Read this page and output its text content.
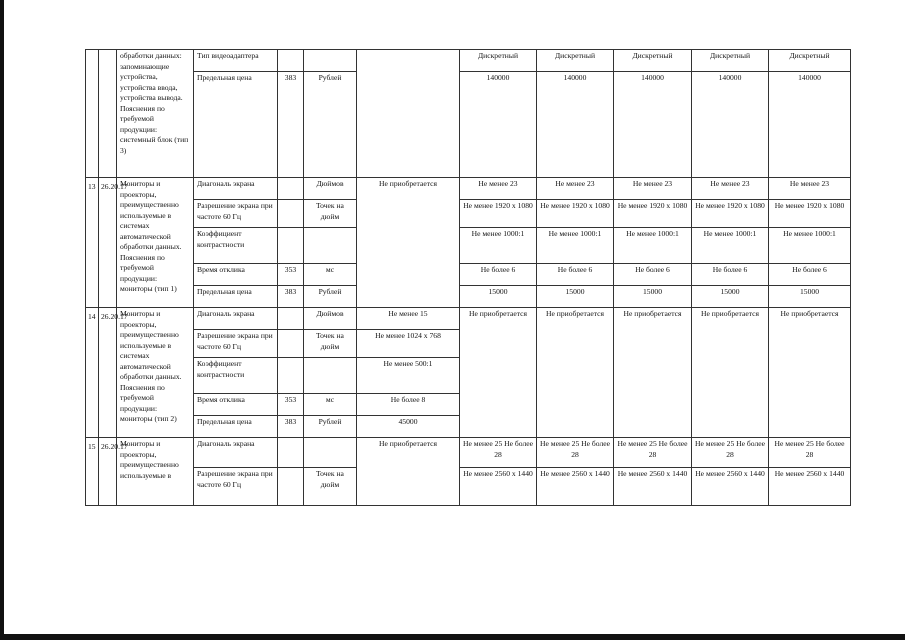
		обработки данных: запоминающие устройства, устройства ввода, устройства вывода. Пояснения по требуемой продукции: системный блок (тип 3)	Тип видеоадаптера				Дискретный	Дискретный	Дискретный	Дискретный	Дискретный
			Предельная цена	383	Рублей		140000	140000	140000	140000	140000
13	26.20.17	Мониторы и проекторы, преимущественно используемые в системах автоматической обработки данных. Пояснения по требуемой продукции: мониторы (тип 1)	Диагональ экрана		Дюймов	Не приобретается	Не менее 23	Не менее 23	Не менее 23	Не менее 23	Не менее 23
			Разрешение экрана при частоте 60 Гц		Точек на дюйм		Не менее 1920 x 1080	Не менее 1920 x 1080	Не менее 1920 x 1080	Не менее 1920 x 1080	Не менее 1920 x 1080
			Коэффициент контрастности				Не менее 1000:1	Не менее 1000:1	Не менее 1000:1	Не менее 1000:1	Не менее 1000:1
			Время отклика	353	мс		Не более 6	Не более 6	Не более 6	Не более 6	Не более 6
			Предельная цена	383	Рублей		15000	15000	15000	15000	15000
14	26.20.17	Мониторы и проекторы, преимущественно используемые в системах автоматической обработки данных. Пояснения по требуемой продукции: мониторы (тип 2)	Диагональ экрана		Дюймов	Не менее 15	Не приобретается	Не приобретается	Не приобретается	Не приобретается	Не приобретается
			Разрешение экрана при частоте 60 Гц		Точек на дюйм	Не менее 1024 x 768					
			Коэффициент контрастности			Не менее 500:1					
			Время отклика	353	мс	Не более 8					
			Предельная цена	383	Рублей	45000					
15	26.20.17	Мониторы и проекторы, преимущественно используемые в	Диагональ экрана			Не приобретается	Не менее 25 Не более 28	Не менее 25 Не более 28	Не менее 25 Не более 28	Не менее 25 Не более 28	Не менее 25 Не более 28
			Разрешение экрана при частоте 60 Гц		Точек на дюйм		Не менее 2560 x 1440	Не менее 2560 x 1440	Не менее 2560 x 1440	Не менее 2560 x 1440	Не менее 2560 x 1440
